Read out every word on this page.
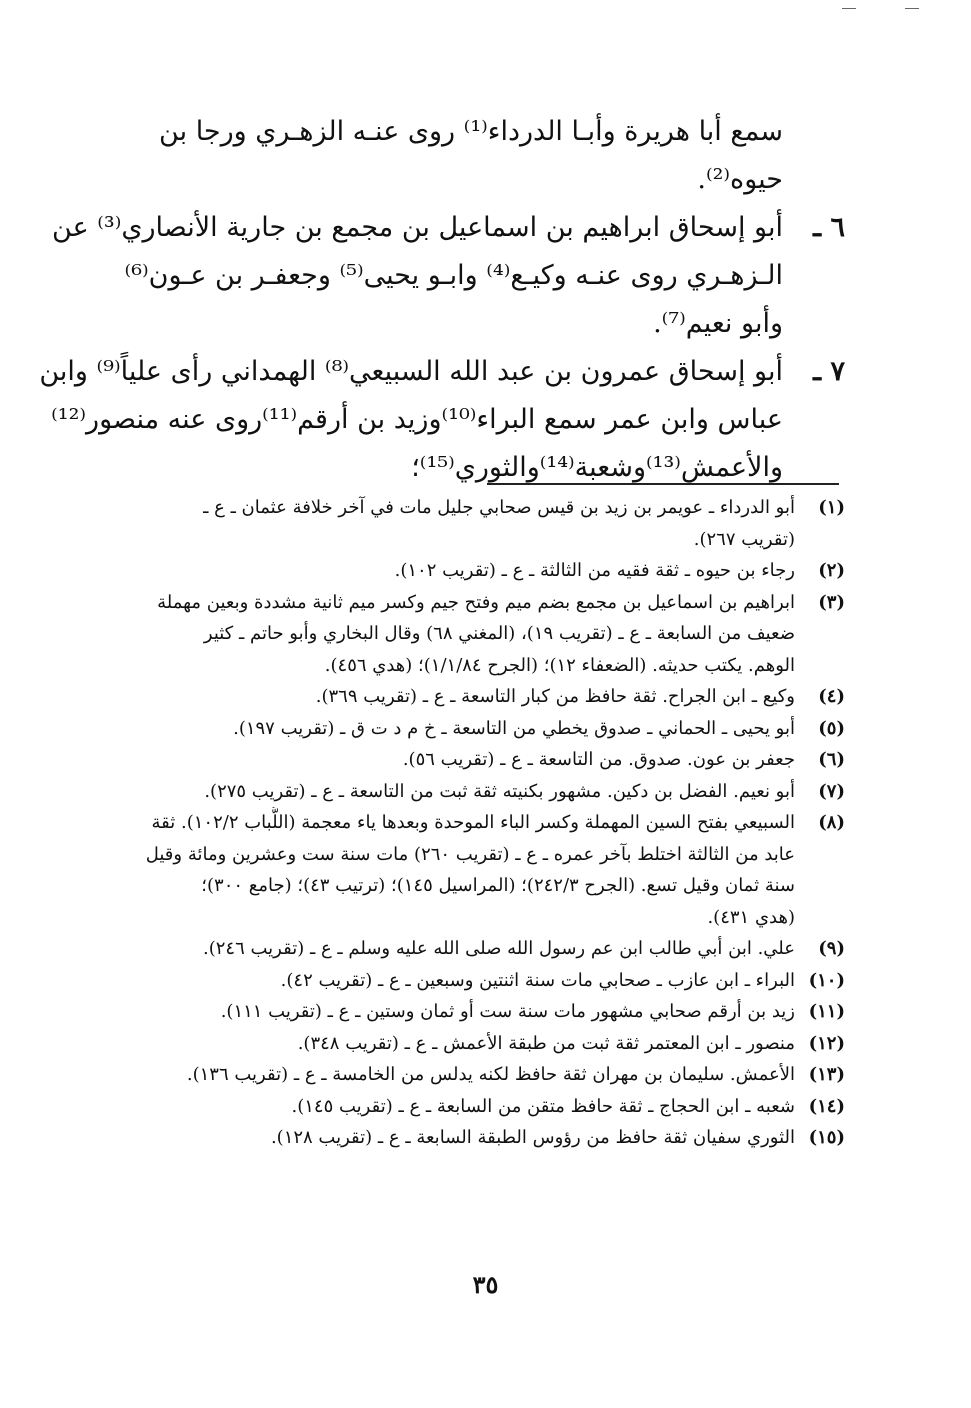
سمع أبا هريرة وأبـا الدرداء⁽¹⁾ روى عنـه الزهـري ورجا بن

حيوه⁽²⁾.

٦ ـ

أبو إسحاق ابراهيم بن اسماعيل بن مجمع بن جارية الأنصاري⁽³⁾ عن

الـزهـري روى عنـه وكيـع⁽⁴⁾ وابـو يحيى⁽⁵⁾ وجعفـر بن عـون⁽⁶⁾

وأبو نعيم⁽⁷⁾.

٧ ـ

أبو إسحاق عمرون بن عبد الله السبيعي⁽⁸⁾ الهمداني رأى علياً⁽⁹⁾ وابن

عباس وابن عمر سمع البراء⁽¹⁰⁾وزيد بن أرقم⁽¹¹⁾روى عنه منصور⁽¹²⁾

والأعمش⁽¹³⁾وشعبة⁽¹⁴⁾والثوري⁽¹⁵⁾؛

(١)

أبو الدرداء ـ عويمر بن زيد بن قيس صحابي جليل مات في آخر خلافة عثمان ـ ع ـ

(تقريب ٢٦٧).

(٢)

رجاء بن حيوه ـ ثقة فقيه من الثالثة ـ ع ـ (تقريب ١٠٢).

(٣)

ابراهيم بن اسماعيل بن مجمع بضم ميم وفتح جيم وكسر ميم ثانية مشددة وبعين مهملة

ضعيف من السابعة ـ ع ـ (تقريب ١٩)، (المغني ٦٨) وقال البخاري وأبو حاتم ـ كثير

الوهم. يكتب حديثه. (الضعفاء ١٢)؛ (الجرح ١/١/٨٤)؛ (هدي ٤٥٦).

(٤)

وكيع ـ ابن الجراح. ثقة حافظ من كبار التاسعة ـ ع ـ (تقريب ٣٦٩).

(٥)

أبو يحيى ـ الحماني ـ صدوق يخطي من التاسعة ـ خ م د ت ق ـ (تقريب ١٩٧).

(٦)

جعفر بن عون. صدوق. من التاسعة ـ ع ـ (تقريب ٥٦).

(٧)

أبو نعيم. الفضل بن دكين. مشهور بكنيته ثقة ثبت من التاسعة ـ ع ـ (تقريب ٢٧٥).

(٨)

السبيعي بفتح السين المهملة وكسر الباء الموحدة وبعدها ياء معجمة (اللُّباب ١٠٢/٢). ثقة

عابد من الثالثة اختلط بآخر عمره ـ ع ـ (تقريب ٢٦٠) مات سنة ست وعشرين ومائة وقيل

سنة ثمان وقيل تسع. (الجرح ٢٤٢/٣)؛ (المراسيل ١٤٥)؛ (ترتيب ٤٣)؛ (جامع ٣٠٠)؛

(هدي ٤٣١).

(٩)

علي. ابن أبي طالب ابن عم رسول الله صلى الله عليه وسلم ـ ع ـ (تقريب ٢٤٦).

(١٠)

البراء ـ ابن عازب ـ صحابي مات سنة اثنتين وسبعين ـ ع ـ (تقريب ٤٢).

(١١)

زيد بن أرقم صحابي مشهور مات سنة ست أو ثمان وستين ـ ع ـ (تقريب ١١١).

(١٢)

منصور ـ ابن المعتمر ثقة ثبت من طبقة الأعمش ـ ع ـ (تقريب ٣٤٨).

(١٣)

الأعمش. سليمان بن مهران ثقة حافظ لكنه يدلس من الخامسة ـ ع ـ (تقريب ١٣٦).

(١٤)

شعبه ـ ابن الحجاج ـ ثقة حافظ متقن من السابعة ـ ع ـ (تقريب ١٤٥).

(١٥)

الثوري سفيان ثقة حافظ من رؤوس الطبقة السابعة ـ ع ـ (تقريب ١٢٨).

٣٥
